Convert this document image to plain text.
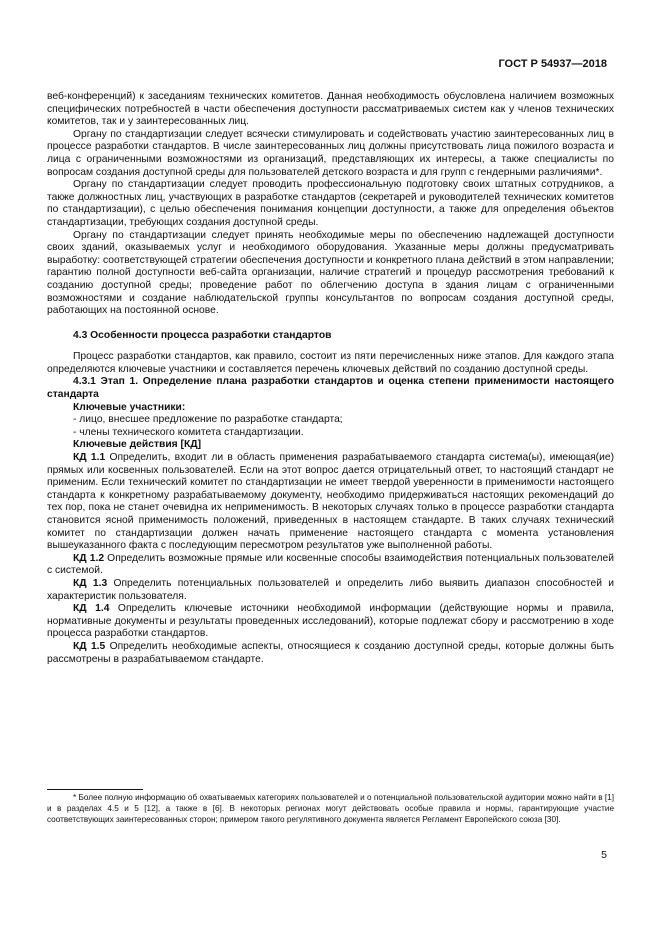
ГОСТ Р 54937—2018

веб-конференций) к заседаниям технических комитетов. Данная необходимость обусловлена наличием возможных специфических потребностей в части обеспечения доступности рассматриваемых систем как у членов технических комитетов, так и у заинтересованных лиц.

Органу по стандартизации следует всячески стимулировать и содействовать участию заинтересованных лиц в процессе разработки стандартов. В числе заинтересованных лиц должны присутствовать лица пожилого возраста и лица с ограниченными возможностями из организаций, представляющих их интересы, а также специалисты по вопросам создания доступной среды для пользователей детского возраста и для групп с гендерными различиями*.

Органу по стандартизации следует проводить профессиональную подготовку своих штатных сотрудников, а также должностных лиц, участвующих в разработке стандартов (секретарей и руководителей технических комитетов по стандартизации), с целью обеспечения понимания концепции доступности, а также для определения объектов стандартизации, требующих создания доступной среды.

Органу по стандартизации следует принять необходимые меры по обеспечению надлежащей доступности своих зданий, оказываемых услуг и необходимого оборудования. Указанные меры должны предусматривать выработку: соответствующей стратегии обеспечения доступности и конкретного плана действий в этом направлении; гарантию полной доступности веб-сайта организации, наличие стратегий и процедур рассмотрения требований к созданию доступной среды; проведение работ по облегчению доступа в здания лицам с ограниченными возможностями и создание наблюдательской группы консультантов по вопросам создания доступной среды, работающих на постоянной основе.

4.3 Особенности процесса разработки стандартов

Процесс разработки стандартов, как правило, состоит из пяти перечисленных ниже этапов. Для каждого этапа определяются ключевые участники и составляется перечень ключевых действий по созданию доступной среды.

4.3.1 Этап 1. Определение плана разработки стандартов и оценка степени применимости настоящего стандарта

Ключевые участники:

- лицо, внесшее предложение по разработке стандарта;

- члены технического комитета стандартизации.

Ключевые действия [КД]

КД 1.1 Определить, входит ли в область применения разрабатываемого стандарта система(ы), имеющая(ие) прямых или косвенных пользователей. Если на этот вопрос дается отрицательный ответ, то настоящий стандарт не применим. Если технический комитет по стандартизации не имеет твердой уверенности в применимости настоящего стандарта к конкретному разрабатываемому документу, необходимо придерживаться настоящих рекомендаций до тех пор, пока не станет очевидна их неприменимость. В некоторых случаях только в процессе разработки стандарта становится ясной применимость положений, приведенных в настоящем стандарте. В таких случаях технический комитет по стандартизации должен начать применение настоящего стандарта с момента установления вышеуказанного факта с последующим пересмотром результатов уже выполненной работы.

КД 1.2 Определить возможные прямые или косвенные способы взаимодействия потенциальных пользователей с системой.

КД 1.3 Определить потенциальных пользователей и определить либо выявить диапазон способностей и характеристик пользователя.

КД 1.4 Определить ключевые источники необходимой информации (действующие нормы и правила, нормативные документы и результаты проведенных исследований), которые подлежат сбору и рассмотрению в ходе процесса разработки стандартов.

КД 1.5 Определить необходимые аспекты, относящиеся к созданию доступной среды, которые должны быть рассмотрены в разрабатываемом стандарте.

* Более полную информацию об охватываемых категориях пользователей и о потенциальной пользовательской аудитории можно найти в [1] и в разделах 4.5 и 5 [12], а также в [6]. В некоторых регионах могут действовать особые правила и нормы, гарантирующие участие соответствующих заинтересованных сторон; примером такого регулятивного документа является Регламент Европейского союза [30].

5
